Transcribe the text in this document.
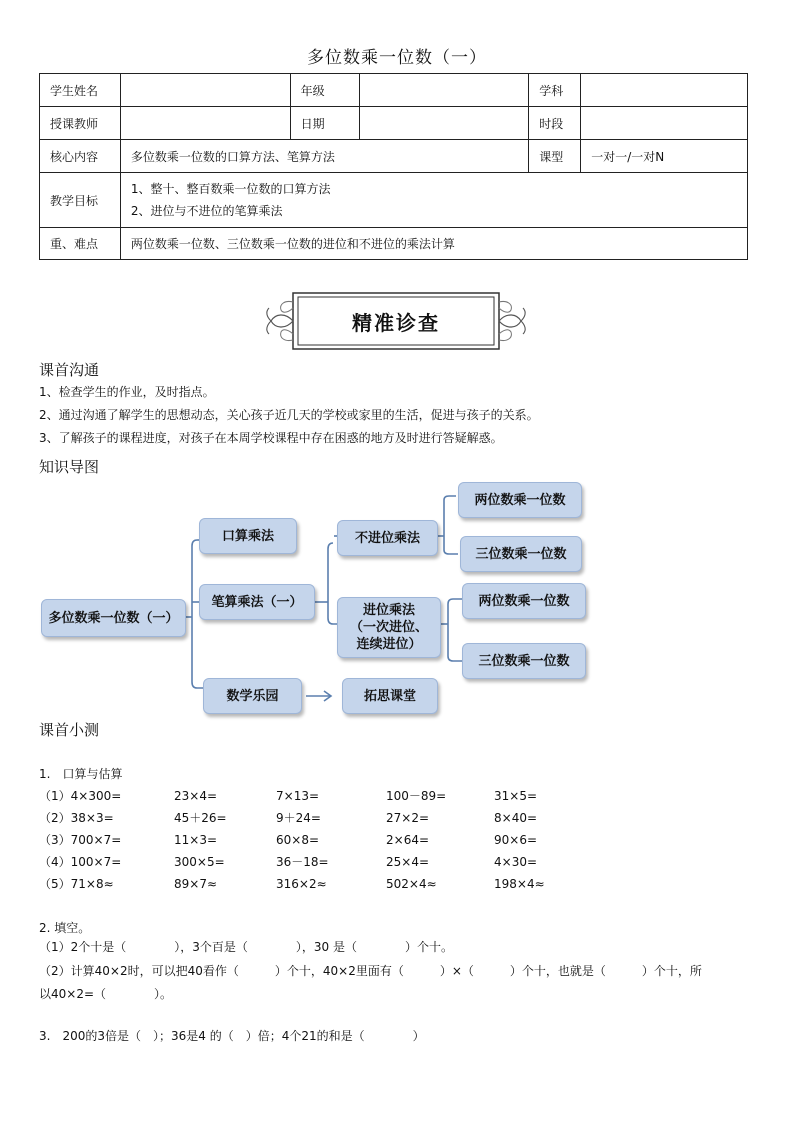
多位数乘一位数（一）
学生姓名		年级		学科	
授课教师		日期		时段	
核心内容	多位数乘一位数的口算方法、笔算方法			课型	一对一/一对N
教学目标	1、整十、整百数乘一位数的口算方法
2、进位与不进位的笔算乘法				

重、难点	两位数乘一位数、三位数乘一位数的进位和不进位的乘法计算				
精准诊查
课首沟通
1、检查学生的作业，及时指点。
2、通过沟通了解学生的思想动态，关心孩子近几天的学校或家里的生活，促进与孩子的关系。
3、了解孩子的课程进度，对孩子在本周学校课程中存在困惑的地方及时进行答疑解惑。
知识导图
多位数乘一位数（一）
口算乘法
笔算乘法（一）
数学乐园
不进位乘法
进位乘法
（一次进位、
连续进位）
拓思课堂
两位数乘一位数
三位数乘一位数
两位数乘一位数
三位数乘一位数
课首小测
1.　口算与估算
（1）4×300=	23×4=	7×13=	100－89=	31×5=
（2）38×3=	45＋26=	9＋24=	27×2=	8×40=
（3）700×7=	11×3=	60×8=	2×64=	90×6=
（4）100×7=	300×5=	36－18=	25×4=	4×30=
（5）71×8≈	89×7≈	316×2≈	502×4≈	198×4≈
2. 填空。
（1）2个十是（　　　　），3个百是（　　　　），30 是（　　　　）个十。
（2）计算40×2时，可以把40看作（　　　）个十，40×2里面有（　　　）×（　　　）个十，也就是（　　　）个十，所
以40×2=（　　　　）。
3.　200的3倍是（　）；36是4 的（　）倍；4个21的和是（　　　　）
